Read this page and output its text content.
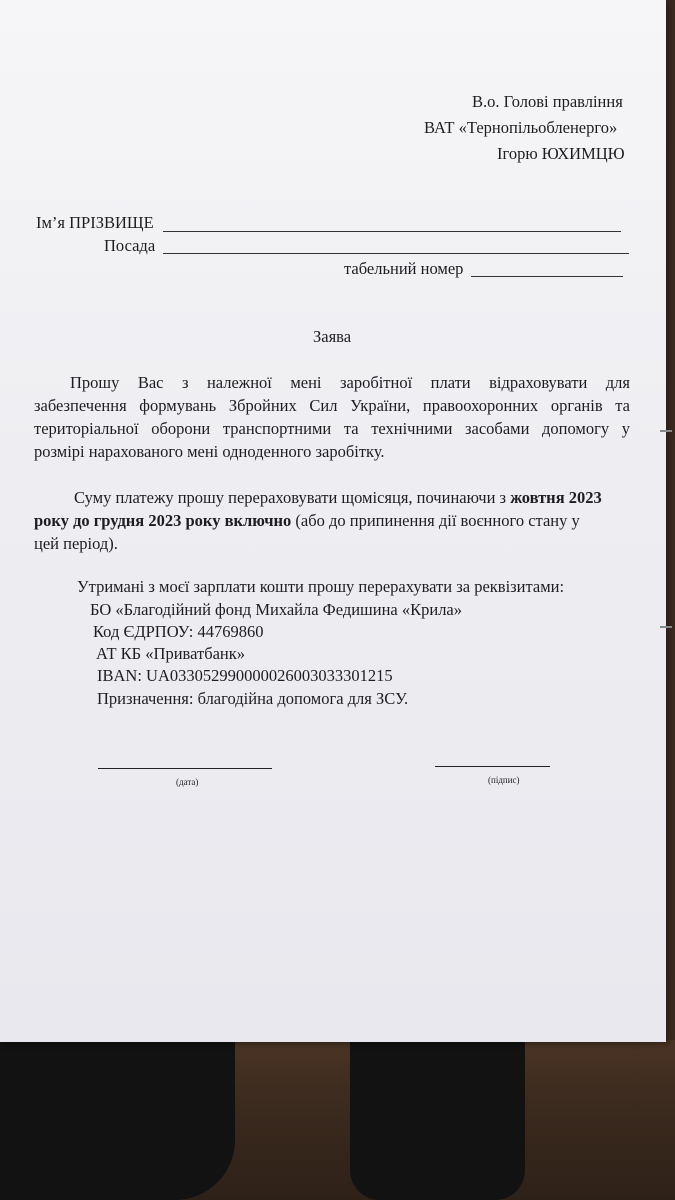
В.о. Голові правління
ВАТ «Тернопільобленерго»
Ігорю ЮХИМЦЮ
Ім’я ПРІЗВИЩЕ
Посада
табельний номер
Заява
Прошу Вас з належної мені заробітної плати відраховувати для
забезпечення формувань Збройних Сил України, правоохоронних органів та
територіальної оборони транспортними та технічними засобами допомогу у
розмірі нарахованого мені одноденного заробітку.
Суму платежу прошу перераховувати щомісяця, починаючи з жовтня 2023
року до грудня 2023 року включно (або до припинення дії воєнного стану у
цей період).
Утримані з моєї зарплати кошти прошу перерахувати за реквізитами:
БО «Благодійний фонд Михайла Федишина «Крила»
Код ЄДРПОУ: 44769860
АТ КБ «Приватбанк»
IBAN: UA033052990000026003033301215
Призначення: благодійна допомога для ЗСУ.
(дата)	(підпис)
